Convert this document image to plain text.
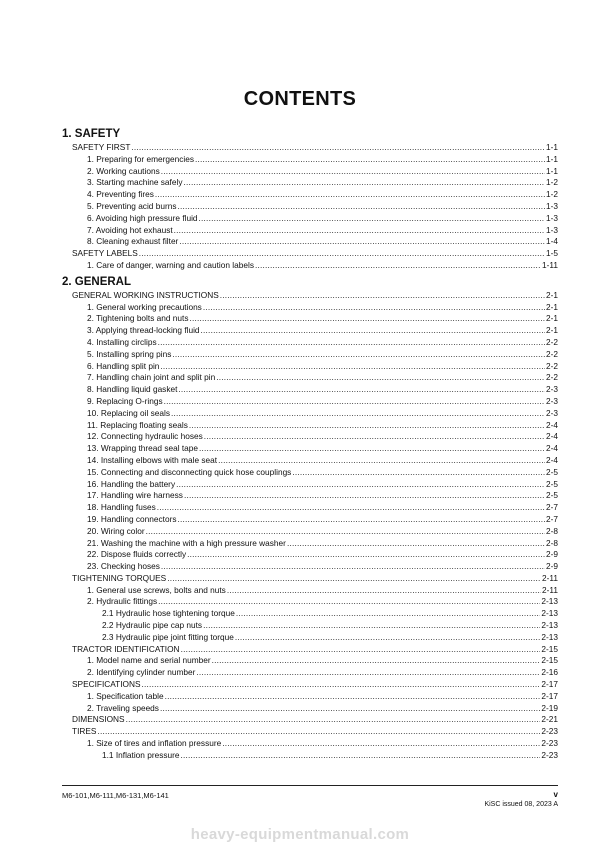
CONTENTS
1. SAFETY
SAFETY FIRST .....	1-1
1. Preparing for emergencies .....	1-1
2. Working cautions .....	1-1
3. Starting machine safely .....	1-2
4. Preventing fires .....	1-2
5. Preventing acid burns .....	1-3
6. Avoiding high pressure fluid .....	1-3
7. Avoiding hot exhaust .....	1-3
8. Cleaning exhaust filter .....	1-4
SAFETY LABELS .....	1-5
1. Care of danger, warning and caution labels .....	1-11
2. GENERAL
GENERAL WORKING INSTRUCTIONS .....	2-1
1. General working precautions .....	2-1
2. Tightening bolts and nuts .....	2-1
3. Applying thread-locking fluid .....	2-1
4. Installing circlips .....	2-2
5. Installing spring pins .....	2-2
6. Handling split pin .....	2-2
7. Handling chain joint and split pin .....	2-2
8. Handling liquid gasket .....	2-3
9. Replacing O-rings .....	2-3
10. Replacing oil seals .....	2-3
11. Replacing floating seals .....	2-4
12. Connecting hydraulic hoses .....	2-4
13. Wrapping thread seal tape .....	2-4
14. Installing elbows with male seat .....	2-4
15. Connecting and disconnecting quick hose couplings .....	2-5
16. Handling the battery .....	2-5
17. Handling wire harness .....	2-5
18. Handling fuses .....	2-7
19. Handling connectors .....	2-7
20. Wiring color .....	2-8
21. Washing the machine with a high pressure washer .....	2-8
22. Dispose fluids correctly .....	2-9
23. Checking hoses .....	2-9
TIGHTENING TORQUES .....	2-11
1. General use screws, bolts and nuts .....	2-11
2. Hydraulic fittings .....	2-13
2.1 Hydraulic hose tightening torque .....	2-13
2.2 Hydraulic pipe cap nuts .....	2-13
2.3 Hydraulic pipe joint fitting torque .....	2-13
TRACTOR IDENTIFICATION .....	2-15
1. Model name and serial number .....	2-15
2. Identifying cylinder number .....	2-16
SPECIFICATIONS .....	2-17
1. Specification table .....	2-17
2. Traveling speeds .....	2-19
DIMENSIONS .....	2-21
TIRES .....	2-23
1. Size of tires and inflation pressure .....	2-23
1.1 Inflation pressure .....	2-23
M6-101,M6-111,M6-131,M6-141	v
KiSC issued 08, 2023 A
heavy-equipmentmanual.com
